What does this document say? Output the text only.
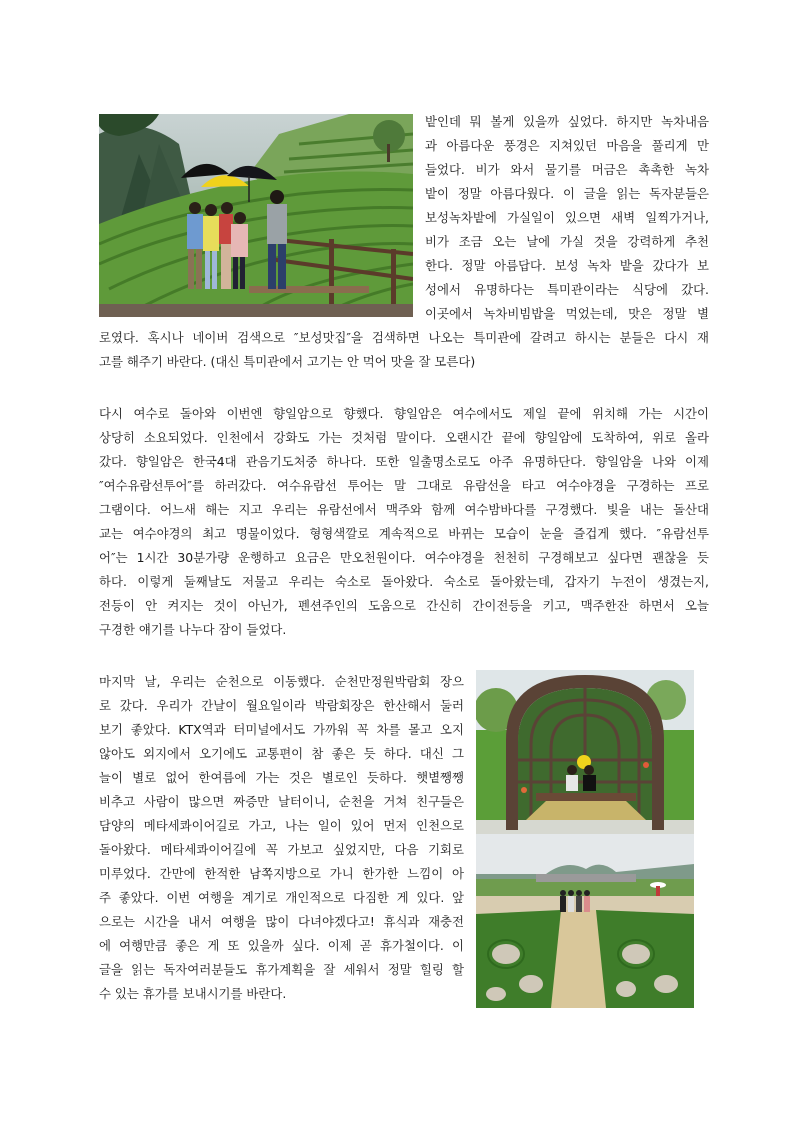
밭인데 뭐 볼게 있을까 싶었다. 하지만 녹차내음
과 아름다운 풍경은 지쳐있던 마음을 풀리게 만
들었다. 비가 와서 물기를 머금은 촉촉한 녹차
밭이 정말 아름다웠다. 이 글을 읽는 독자분들은
보성녹차밭에 가실일이 있으면 새벽 일찍가거나,
비가 조금 오는 날에 가실 것을 강력하게 추천
한다. 정말 아름답다. 보성 녹차 밭을 갔다가 보
성에서 유명하다는 특미관이라는 식당에 갔다.
이곳에서 녹차비빔밥을 먹었는데, 맛은 정말 별
로였다. 혹시나 네이버 검색으로 ″보성맛집″을 검색하면 나오는 특미관에 갈려고 하시는 분들은 다시 재
고를 해주기 바란다. (대신 특미관에서 고기는 안 먹어 맛을 잘 모른다)
다시 여수로 돌아와 이번엔 향일암으로 향했다. 향일암은 여수에서도 제일 끝에 위치해 가는 시간이
상당히 소요되었다. 인천에서 강화도 가는 것처럼 말이다. 오랜시간 끝에 향일암에 도착하여, 위로 올라
갔다. 향일암은 한국4대 관음기도처중 하나다. 또한 일출명소로도 아주 유명하단다. 향일암을 나와 이제
″여수유람선투어″를 하러갔다. 여수유람선 투어는 말 그대로 유람선을 타고 여수야경을 구경하는 프로
그램이다. 어느새 해는 지고 우리는 유람선에서 맥주와 함께 여수밤바다를 구경했다. 빛을 내는 돌산대
교는 여수야경의 최고 명물이었다. 형형색깔로 계속적으로 바뀌는 모습이 눈을 즐겁게 했다. ″유람선투
어″는 1시간 30분가량 운행하고 요금은 만오천원이다. 여수야경을 천천히 구경해보고 싶다면 괜찮을 듯
하다. 이렇게 둘째날도 저물고 우리는 숙소로 돌아왔다. 숙소로 돌아왔는데, 갑자기 누전이 생겼는지,
전등이 안 켜지는 것이 아닌가, 펜션주인의 도움으로 간신히 간이전등을 키고, 맥주한잔 하면서 오늘
구경한 얘기를 나누다 잠이 들었다.
마지막 날, 우리는 순천으로 이동했다. 순천만정원박람회 장으
로 갔다. 우리가 간날이 월요일이라 박람회장은 한산해서 둘러
보기 좋았다. KTX역과 터미널에서도 가까워 꼭 차를 몰고 오지
않아도 외지에서 오기에도 교통편이 참 좋은 듯 하다. 대신 그
늘이 별로 없어 한여름에 가는 것은 별로인 듯하다. 햇볕쨍쨍
비추고 사람이 많으면 짜증만 날터이니, 순천을 거쳐 친구들은
담양의 메타세콰이어길로 가고, 나는 일이 있어 먼저 인천으로
돌아왔다. 메타세콰이어길에 꼭 가보고 싶었지만, 다음 기회로
미루었다. 간만에 한적한 남쪽지방으로 가니 한가한 느낌이 아
주 좋았다. 이번 여행을 계기로 개인적으로 다짐한 게 있다. 앞
으로는 시간을 내서 여행을 많이 다녀야겠다고! 휴식과 재충전
에 여행만큼 좋은 게 또 있을까 싶다. 이제 곧 휴가철이다. 이
글을 읽는 독자여러분들도 휴가계획을 잘 세워서 정말 힐링 할
수 있는 휴가를 보내시기를 바란다.
